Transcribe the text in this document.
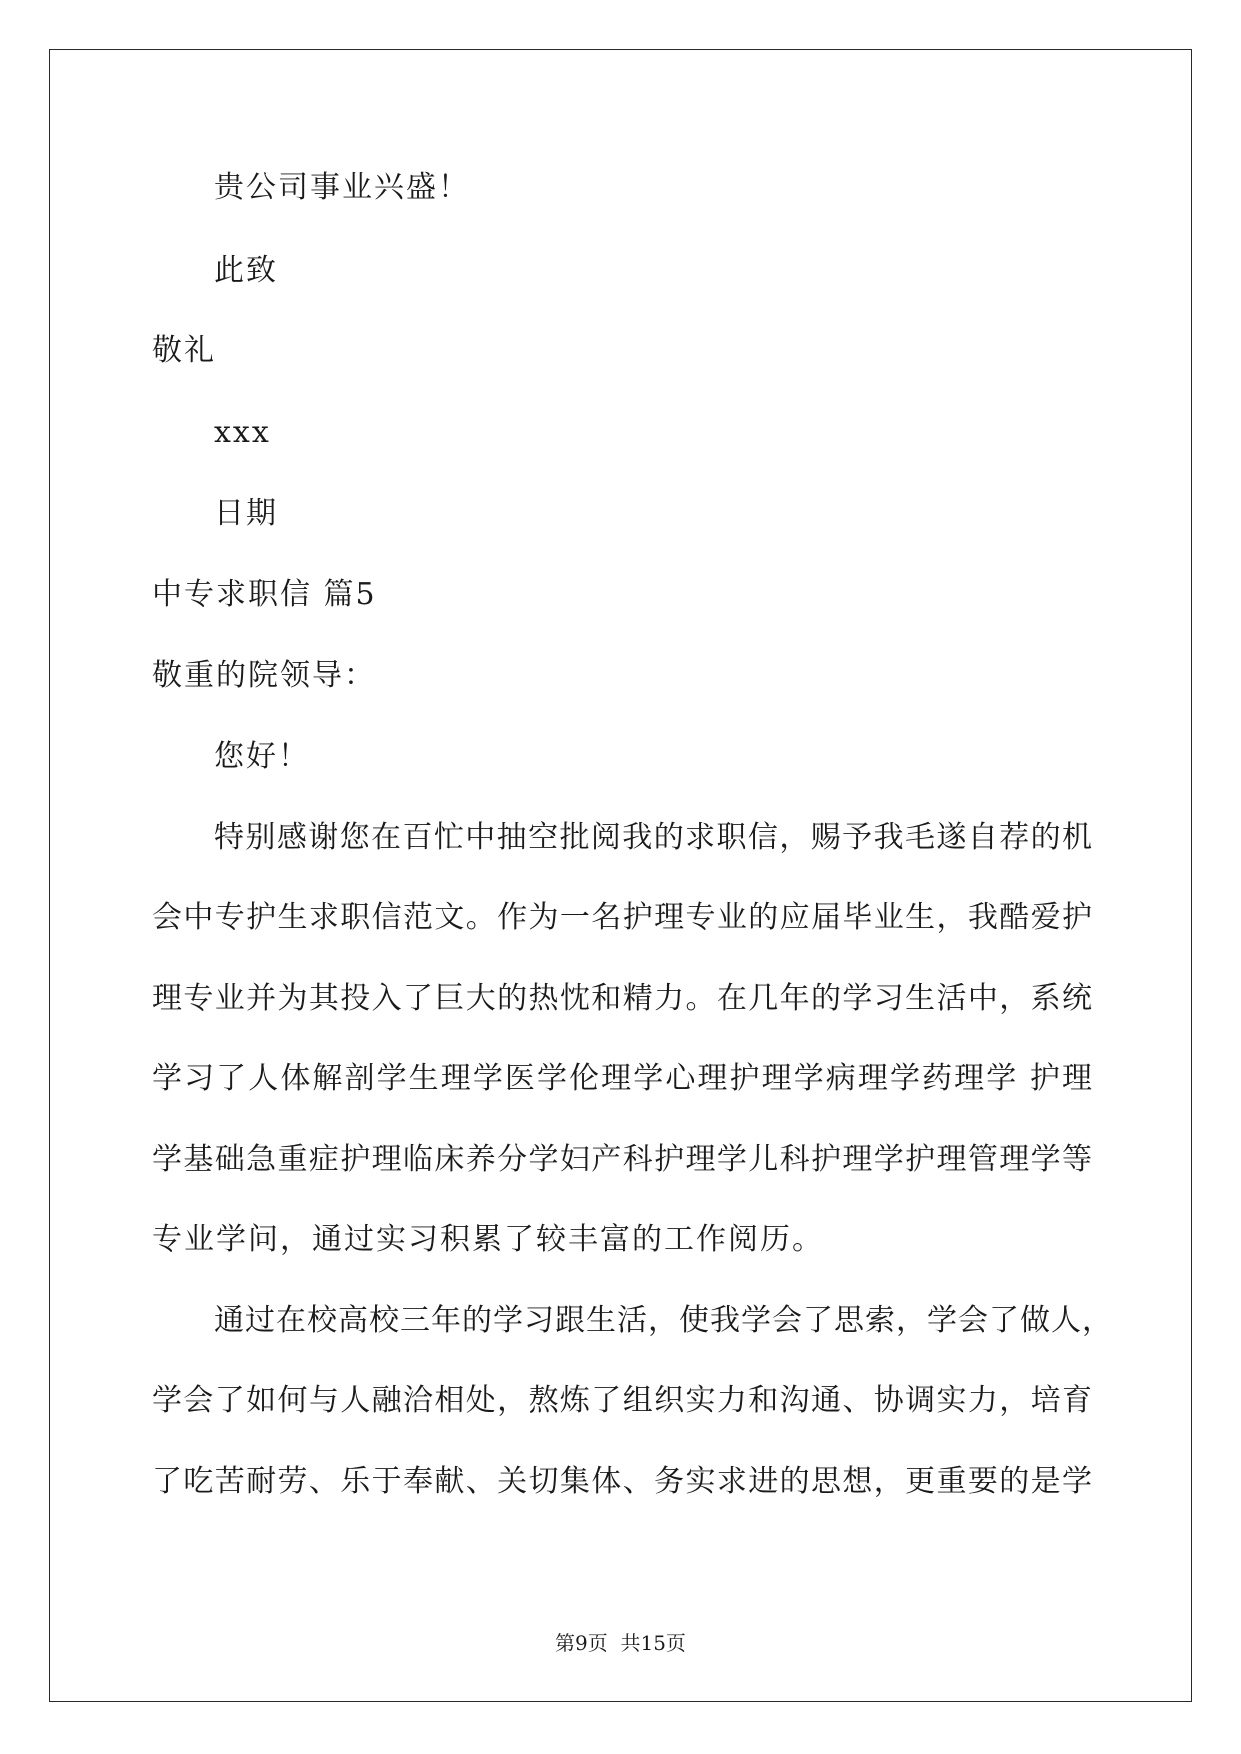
贵公司事业兴盛！
此致
敬礼
xxx
日期
中专求职信 篇5
敬重的院领导：
您好！
特别感谢您在百忙中抽空批阅我的求职信，赐予我毛遂自荐的机
会中专护生求职信范文。作为一名护理专业的应届毕业生，我酷爱护
理专业并为其投入了巨大的热忱和精力。在几年的学习生活中，系统
学习了人体解剖学生理学医学伦理学心理护理学病理学药理学 护理
学基础急重症护理临床养分学妇产科护理学儿科护理学护理管理学等
专业学问，通过实习积累了较丰富的工作阅历。
通过在校高校三年的学习跟生活，使我学会了思索，学会了做人，
学会了如何与人融洽相处，熬炼了组织实力和沟通、协调实力，培育
了吃苦耐劳、乐于奉献、关切集体、务实求进的思想，更重要的是学
第9页  共15页
